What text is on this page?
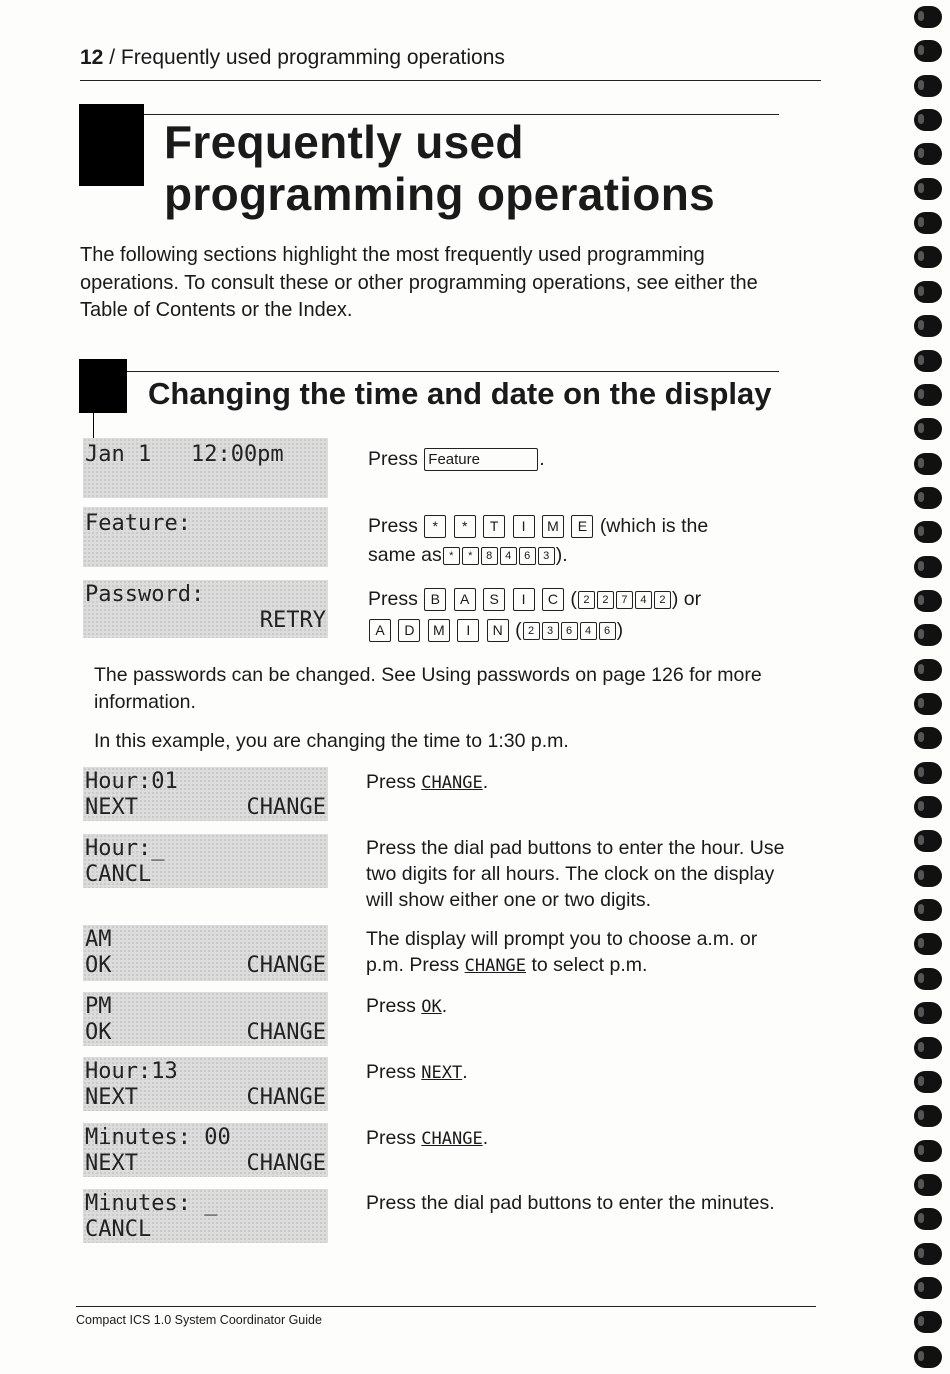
12 / Frequently used programming operations
Frequently used
programming operations
The following sections highlight the most frequently used programming operations. To consult these or other programming operations, see either the Table of Contents or the Index.
Changing the time and date on the display
Jan 1   12:00pm	Press Feature	.
Feature:	Press * * T I M E (which is the
same as * * 8 4 6 3 ).
Password:
RETRY
Press B A S I C ( 2 2 7 4 2 ) or
A D M I N ( 2 3 6 4 6 )
The passwords can be changed. See Using passwords on page 126 for more information.
In this example, you are changing the time to 1:30 p.m.
Hour:01
NEXT	CHANGE
Press CHANGE.
Hour:_
CANCL
Press the dial pad buttons to enter the hour. Use two digits for all hours. The clock on the display will show either one or two digits.
AM
OK	CHANGE
The display will prompt you to choose a.m. or p.m. Press CHANGE to select p.m.
PM
OK	CHANGE
Press OK.
Hour:13
NEXT	CHANGE
Press NEXT.
Minutes: 00
NEXT	CHANGE
Press CHANGE.
Minutes: _
CANCL
Press the dial pad buttons to enter the minutes.
Compact ICS 1.0 System Coordinator Guide
